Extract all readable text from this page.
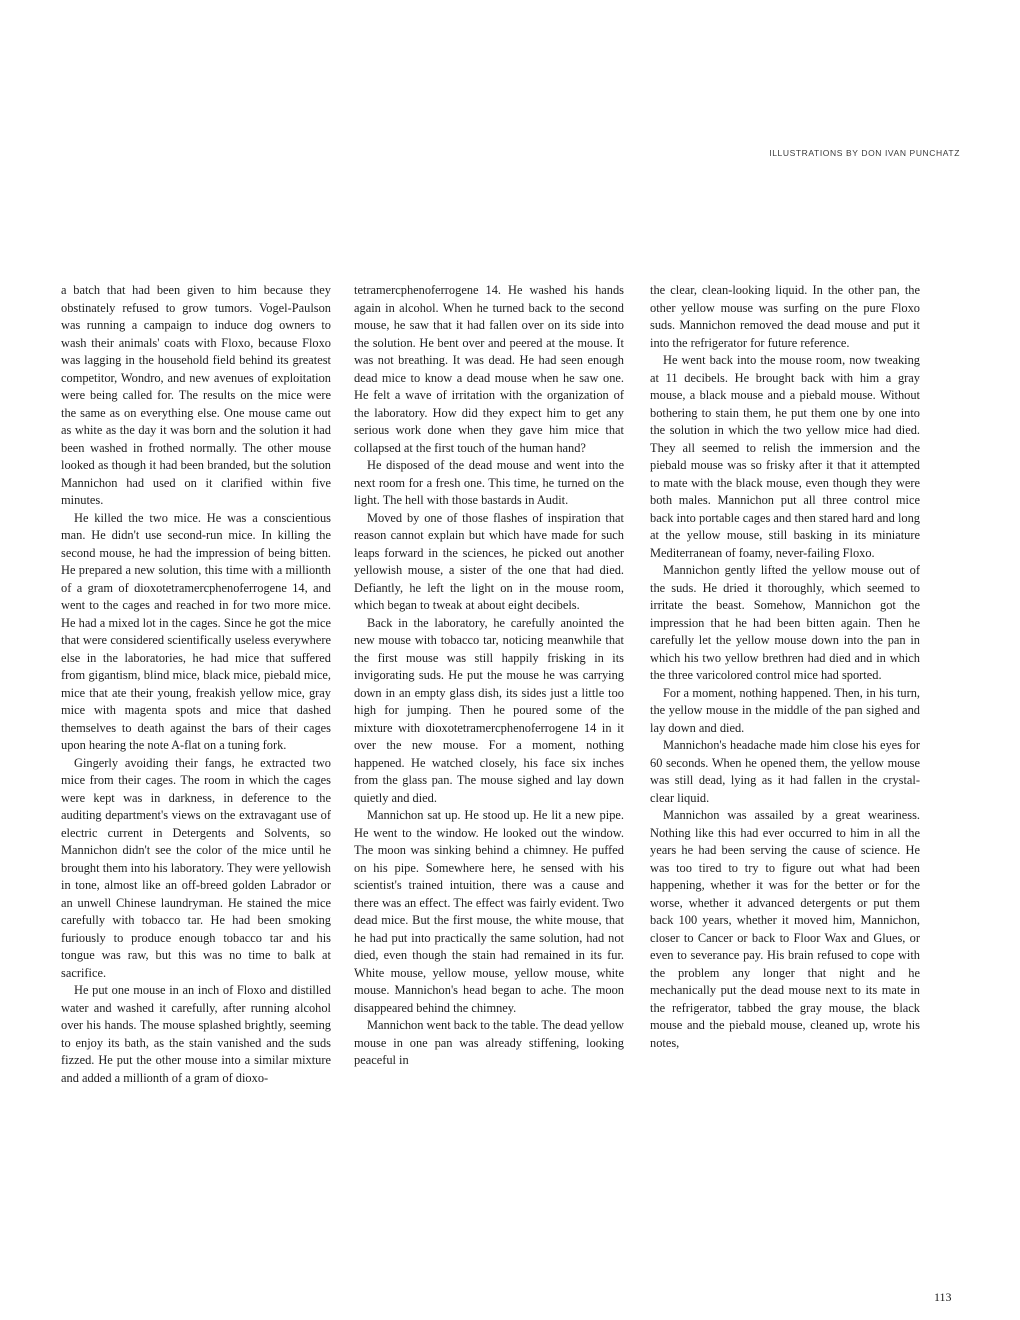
ILLUSTRATIONS BY DON IVAN PUNCHATZ

a batch that had been given to him because they obstinately refused to grow tumors. Vogel-Paulson was running a campaign to induce dog owners to wash their animals' coats with Floxo, because Floxo was lagging in the household field behind its greatest competitor, Wondro, and new avenues of exploitation were being called for. The results on the mice were the same as on everything else. One mouse came out as white as the day it was born and the solution it had been washed in frothed normally. The other mouse looked as though it had been branded, but the solution Mannichon had used on it clarified within five minutes.

He killed the two mice. He was a conscientious man. He didn't use second-run mice. In killing the second mouse, he had the impression of being bitten. He prepared a new solution, this time with a millionth of a gram of dioxotetramercphenoferrogene 14, and went to the cages and reached in for two more mice. He had a mixed lot in the cages. Since he got the mice that were considered scientifically useless everywhere else in the laboratories, he had mice that suffered from gigantism, blind mice, black mice, piebald mice, mice that ate their young, freakish yellow mice, gray mice with magenta spots and mice that dashed themselves to death against the bars of their cages upon hearing the note A-flat on a tuning fork.

Gingerly avoiding their fangs, he extracted two mice from their cages. The room in which the cages were kept was in darkness, in deference to the auditing department's views on the extravagant use of electric current in Detergents and Solvents, so Mannichon didn't see the color of the mice until he brought them into his laboratory. They were yellowish in tone, almost like an off-breed golden Labrador or an unwell Chinese laundryman. He stained the mice carefully with tobacco tar. He had been smoking furiously to produce enough tobacco tar and his tongue was raw, but this was no time to balk at sacrifice.

He put one mouse in an inch of Floxo and distilled water and washed it carefully, after running alcohol over his hands. The mouse splashed brightly, seeming to enjoy its bath, as the stain vanished and the suds fizzed. He put the other mouse into a similar mixture and added a millionth of a gram of dioxo-

tetramercphenoferrogene 14. He washed his hands again in alcohol. When he turned back to the second mouse, he saw that it had fallen over on its side into the solution. He bent over and peered at the mouse. It was not breathing. It was dead. He had seen enough dead mice to know a dead mouse when he saw one. He felt a wave of irritation with the organization of the laboratory. How did they expect him to get any serious work done when they gave him mice that collapsed at the first touch of the human hand?

He disposed of the dead mouse and went into the next room for a fresh one. This time, he turned on the light. The hell with those bastards in Audit.

Moved by one of those flashes of inspiration that reason cannot explain but which have made for such leaps forward in the sciences, he picked out another yellowish mouse, a sister of the one that had died. Defiantly, he left the light on in the mouse room, which began to tweak at about eight decibels.

Back in the laboratory, he carefully anointed the new mouse with tobacco tar, noticing meanwhile that the first mouse was still happily frisking in its invigorating suds. He put the mouse he was carrying down in an empty glass dish, its sides just a little too high for jumping. Then he poured some of the mixture with dioxotetramercphenoferrogene 14 in it over the new mouse. For a moment, nothing happened. He watched closely, his face six inches from the glass pan. The mouse sighed and lay down quietly and died.

Mannichon sat up. He stood up. He lit a new pipe. He went to the window. He looked out the window. The moon was sinking behind a chimney. He puffed on his pipe. Somewhere here, he sensed with his scientist's trained intuition, there was a cause and there was an effect. The effect was fairly evident. Two dead mice. But the first mouse, the white mouse, that he had put into practically the same solution, had not died, even though the stain had remained in its fur. White mouse, yellow mouse, yellow mouse, white mouse. Mannichon's head began to ache. The moon disappeared behind the chimney.

Mannichon went back to the table. The dead yellow mouse in one pan was already stiffening, looking peaceful in

the clear, clean-looking liquid. In the other pan, the other yellow mouse was surfing on the pure Floxo suds. Mannichon removed the dead mouse and put it into the refrigerator for future reference.

He went back into the mouse room, now tweaking at 11 decibels. He brought back with him a gray mouse, a black mouse and a piebald mouse. Without bothering to stain them, he put them one by one into the solution in which the two yellow mice had died. They all seemed to relish the immersion and the piebald mouse was so frisky after it that it attempted to mate with the black mouse, even though they were both males. Mannichon put all three control mice back into portable cages and then stared hard and long at the yellow mouse, still basking in its miniature Mediterranean of foamy, never-failing Floxo.

Mannichon gently lifted the yellow mouse out of the suds. He dried it thoroughly, which seemed to irritate the beast. Somehow, Mannichon got the impression that he had been bitten again. Then he carefully let the yellow mouse down into the pan in which his two yellow brethren had died and in which the three varicolored control mice had sported.

For a moment, nothing happened. Then, in his turn, the yellow mouse in the middle of the pan sighed and lay down and died.

Mannichon's headache made him close his eyes for 60 seconds. When he opened them, the yellow mouse was still dead, lying as it had fallen in the crystal-clear liquid.

Mannichon was assailed by a great weariness. Nothing like this had ever occurred to him in all the years he had been serving the cause of science. He was too tired to try to figure out what had been happening, whether it was for the better or for the worse, whether it advanced detergents or put them back 100 years, whether it moved him, Mannichon, closer to Cancer or back to Floor Wax and Glues, or even to severance pay. His brain refused to cope with the problem any longer that night and he mechanically put the dead mouse next to its mate in the refrigerator, tabbed the gray mouse, the black mouse and the piebald mouse, cleaned up, wrote his notes,

113
